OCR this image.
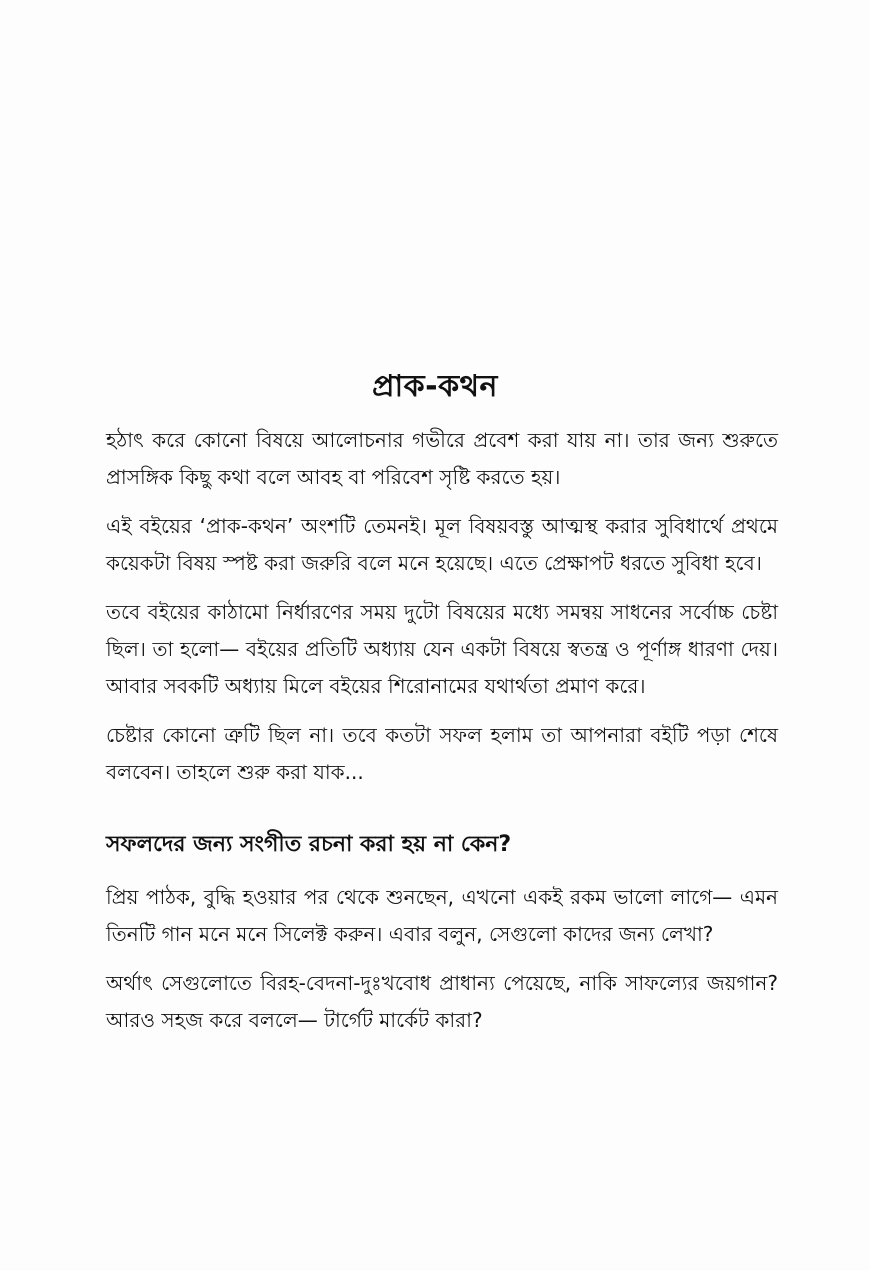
প্রাক-কথন

হঠাৎ করে কোনো বিষয়ে আলোচনার গভীরে প্রবেশ করা যায় না। তার জন্য শুরুতে প্রাসঙ্গিক কিছু কথা বলে আবহ বা পরিবেশ সৃষ্টি করতে হয়।

এই বইয়ের ‘প্রাক-কথন’ অংশটি তেমনই। মূল বিষয়বস্তু আত্মস্থ করার সুবিধার্থে প্রথমে কয়েকটা বিষয় স্পষ্ট করা জরুরি বলে মনে হয়েছে। এতে প্রেক্ষাপট ধরতে সুবিধা হবে।

তবে বইয়ের কাঠামো নির্ধারণের সময় দুটো বিষয়ের মধ্যে সমন্বয় সাধনের সর্বোচ্চ চেষ্টা ছিল। তা হলো— বইয়ের প্রতিটি অধ্যায় যেন একটা বিষয়ে স্বতন্ত্র ও পূর্ণাঙ্গ ধারণা দেয়। আবার সবকটি অধ্যায় মিলে বইয়ের শিরোনামের যথার্থতা প্রমাণ করে।

চেষ্টার কোনো ত্রুটি ছিল না। তবে কতটা সফল হলাম তা আপনারা বইটি পড়া শেষে বলবেন। তাহলে শুরু করা যাক...

সফলদের জন্য সংগীত রচনা করা হয় না কেন?

প্রিয় পাঠক, বুদ্ধি হওয়ার পর থেকে শুনছেন, এখনো একই রকম ভালো লাগে— এমন তিনটি গান মনে মনে সিলেক্ট করুন। এবার বলুন, সেগুলো কাদের জন্য লেখা?

অর্থাৎ সেগুলোতে বিরহ-বেদনা-দুঃখবোধ প্রাধান্য পেয়েছে, নাকি সাফল্যের জয়গান? আরও সহজ করে বললে— টার্গেট মার্কেট কারা?
